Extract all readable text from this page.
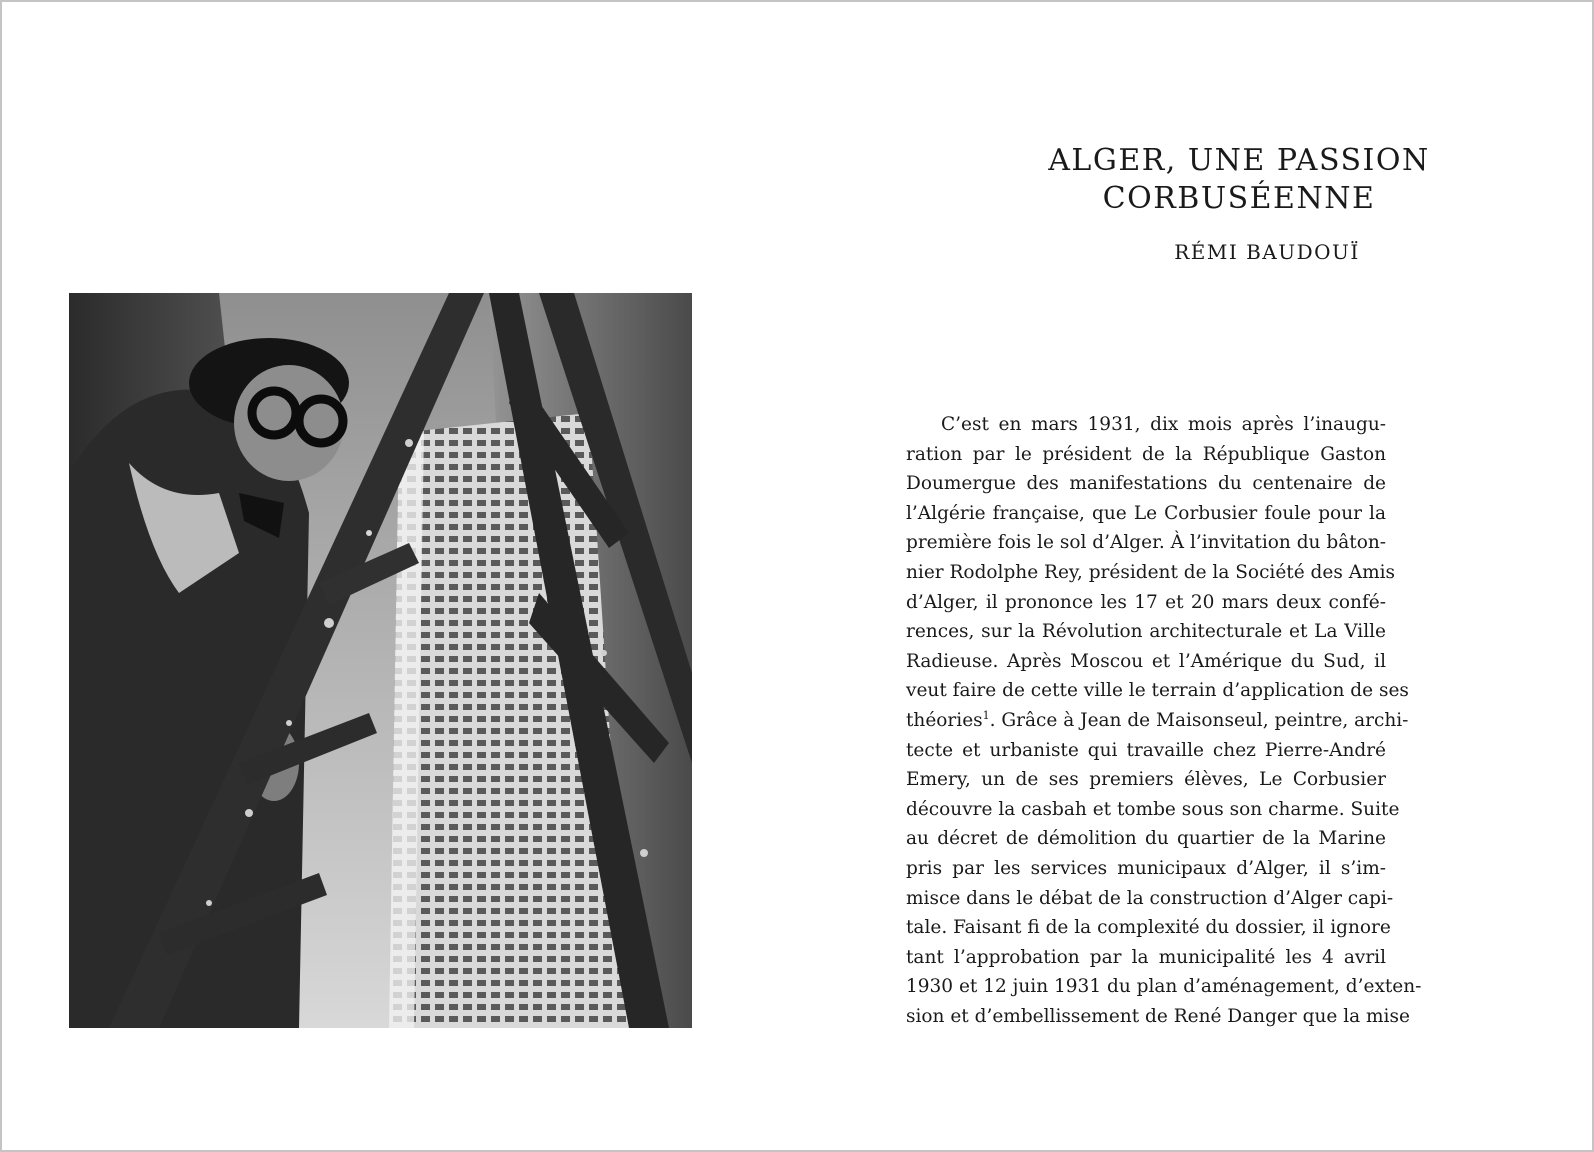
ALGER, UNE PASSION
CORBUSÉENNE

RÉMI BAUDOUÏ

C’est en mars 1931, dix mois après l’inaugu-
ration par le président de la République Gaston
Doumergue des manifestations du centenaire de
l’Algérie française, que Le Corbusier foule pour la
première fois le sol d’Alger. À l’invitation du bâton-
nier Rodolphe Rey, président de la Société des Amis
d’Alger, il prononce les 17 et 20 mars deux confé-
rences, sur la Révolution architecturale et La Ville
Radieuse. Après Moscou et l’Amérique du Sud, il
veut faire de cette ville le terrain d’application de ses
théories$^1$. Grâce à Jean de Maisonseul, peintre, archi-
tecte et urbaniste qui travaille chez Pierre-André
Emery, un de ses premiers élèves, Le Corbusier
découvre la casbah et tombe sous son charme. Suite
au décret de démolition du quartier de la Marine
pris par les services municipaux d’Alger, il s’im-
misce dans le débat de la construction d’Alger capi-
tale. Faisant fi de la complexité du dossier, il ignore
tant l’approbation par la municipalité les 4 avril
1930 et 12 juin 1931 du plan d’aménagement, d’exten-
sion et d’embellissement de René Danger que la mise
